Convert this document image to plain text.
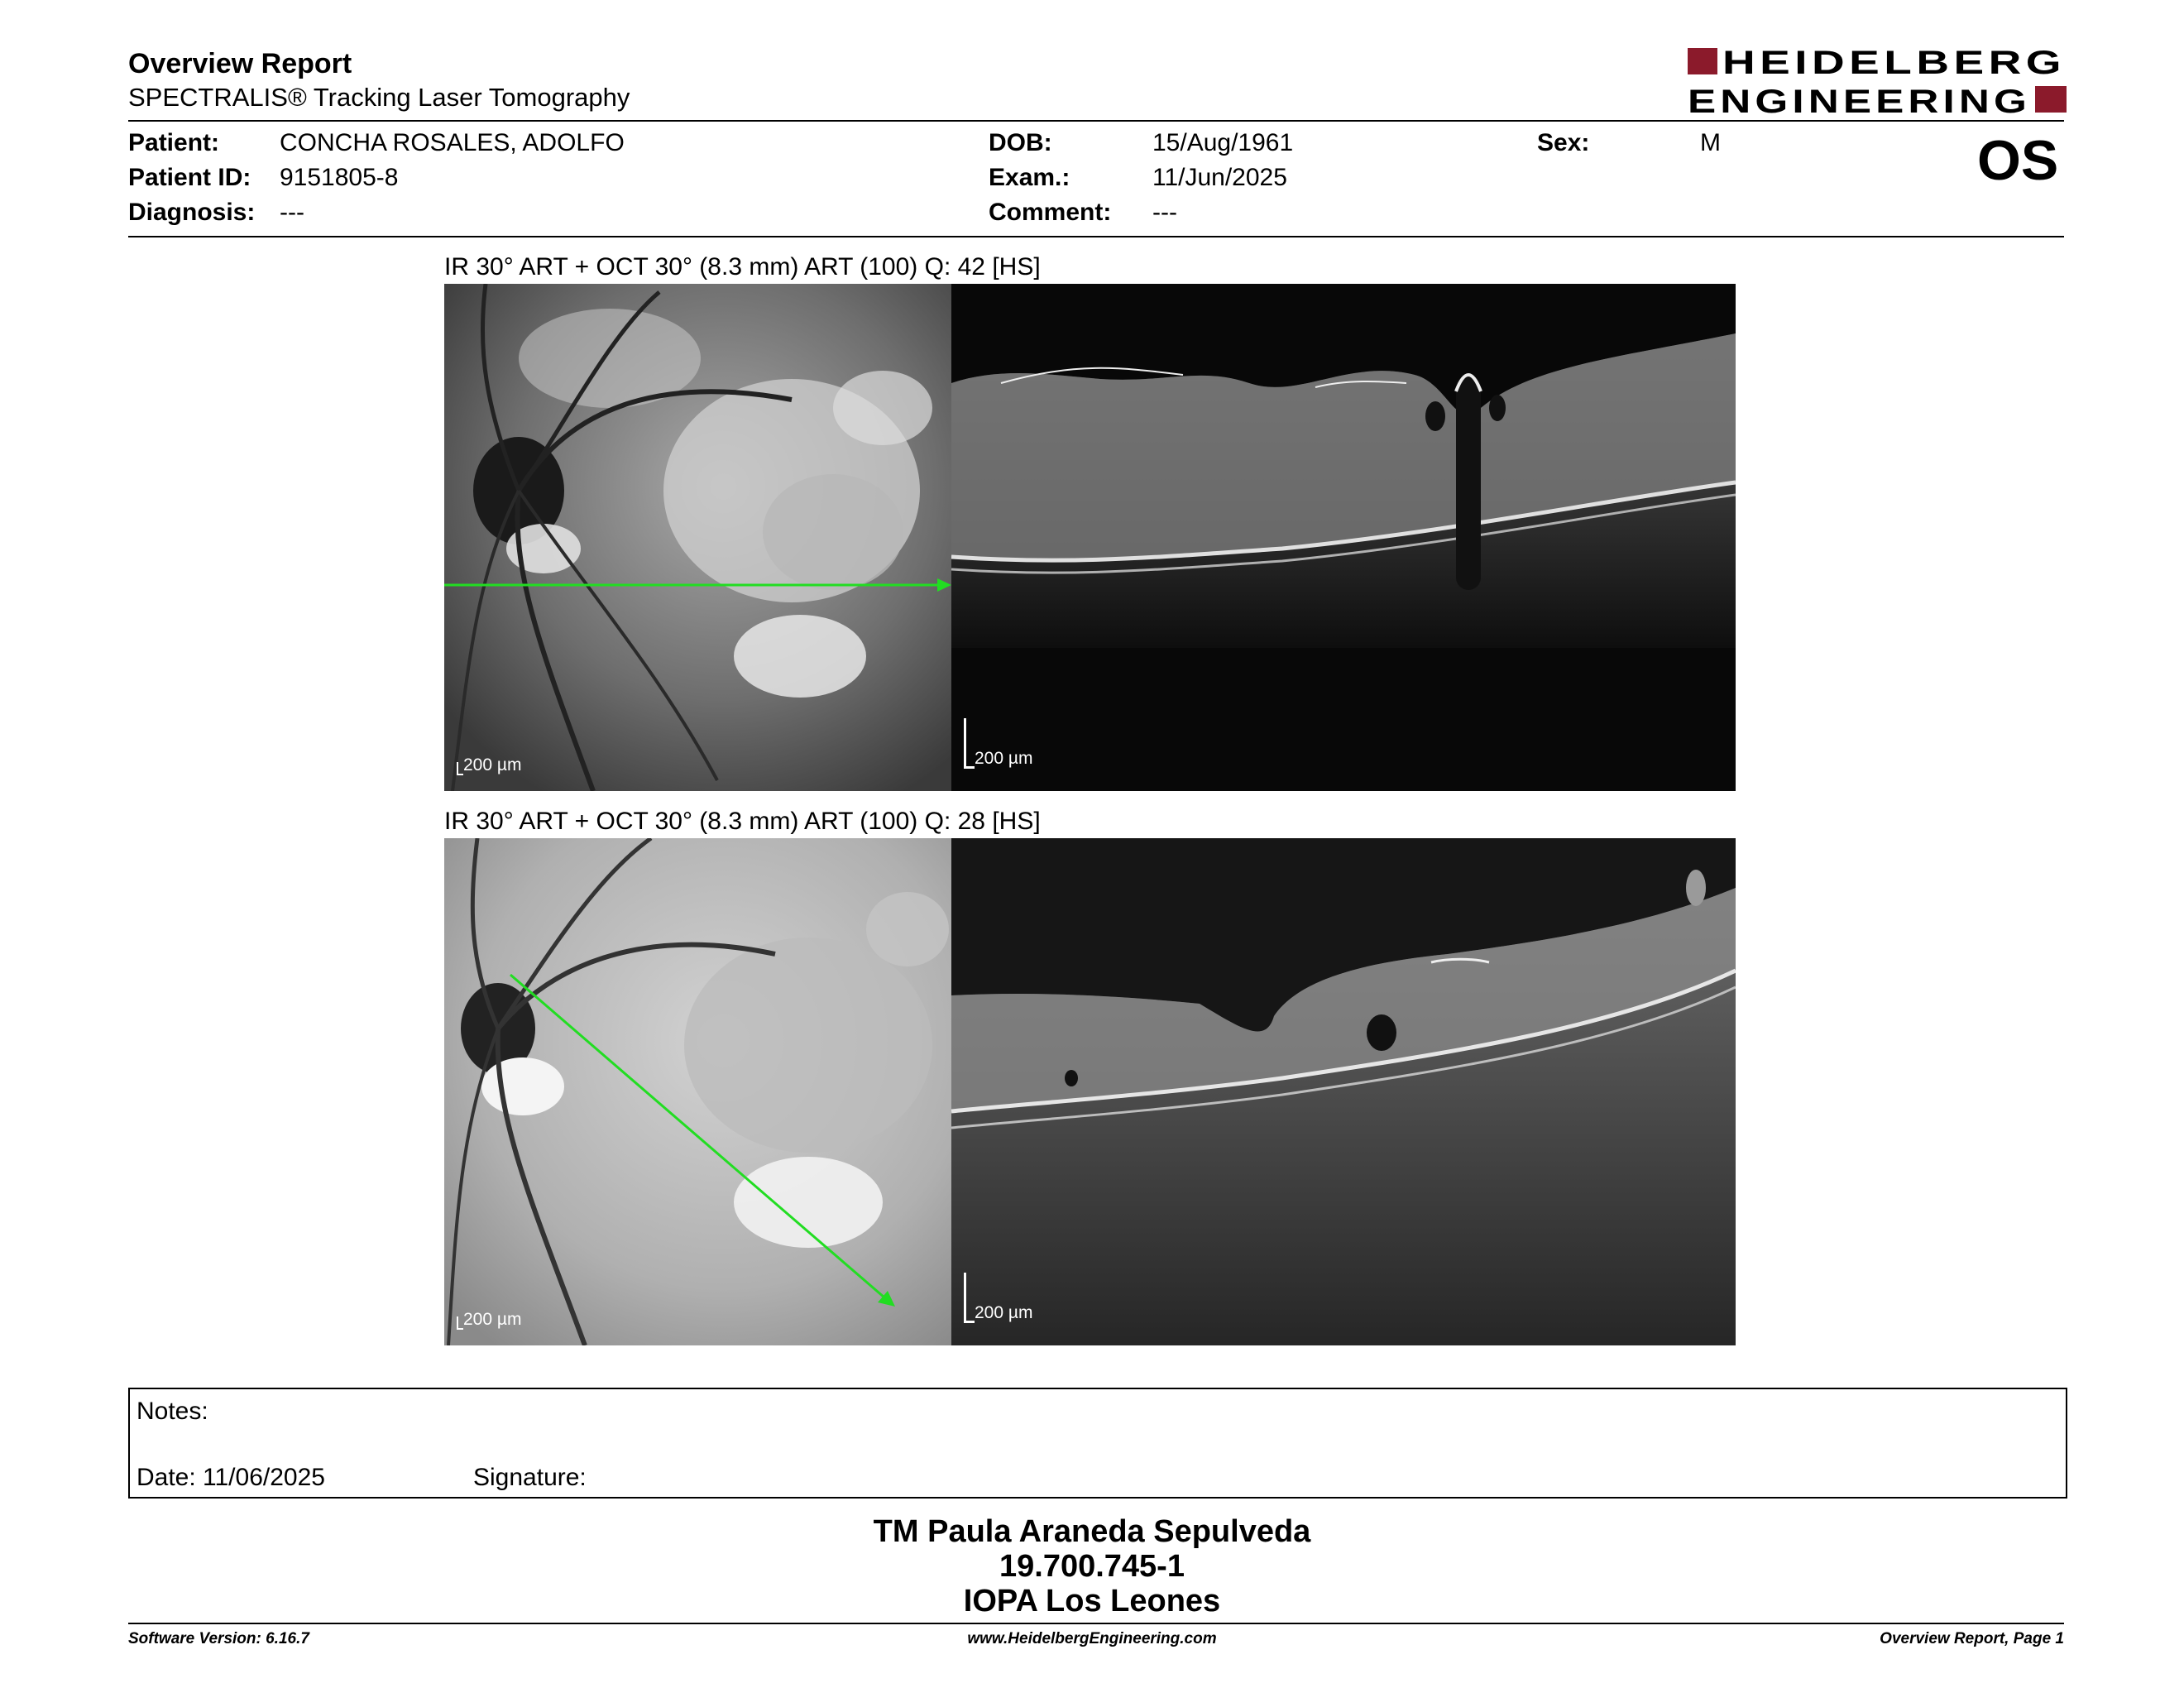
Overview Report
SPECTRALIS® Tracking Laser Tomography
HEIDELBERG
ENGINEERING
Patient: CONCHA ROSALES, ADOLFO
Patient ID: 9151805-8
Diagnosis: ---
DOB:	15/Aug/1961
Exam.:	11/Jun/2025
Comment: ---
Sex:	M	OS
IR 30° ART + OCT 30° (8.3 mm) ART (100) Q: 42 [HS]
200 µm	200 µm
IR 30° ART + OCT 30° (8.3 mm) ART (100) Q: 28 [HS]
200 µm	200 µm
Notes:
Date: 11/06/2025	Signature:
TM Paula Araneda Sepulveda
19.700.745-1
IOPA Los Leones
Software Version: 6.16.7	www.HeidelbergEngineering.com	Overview Report, Page 1
